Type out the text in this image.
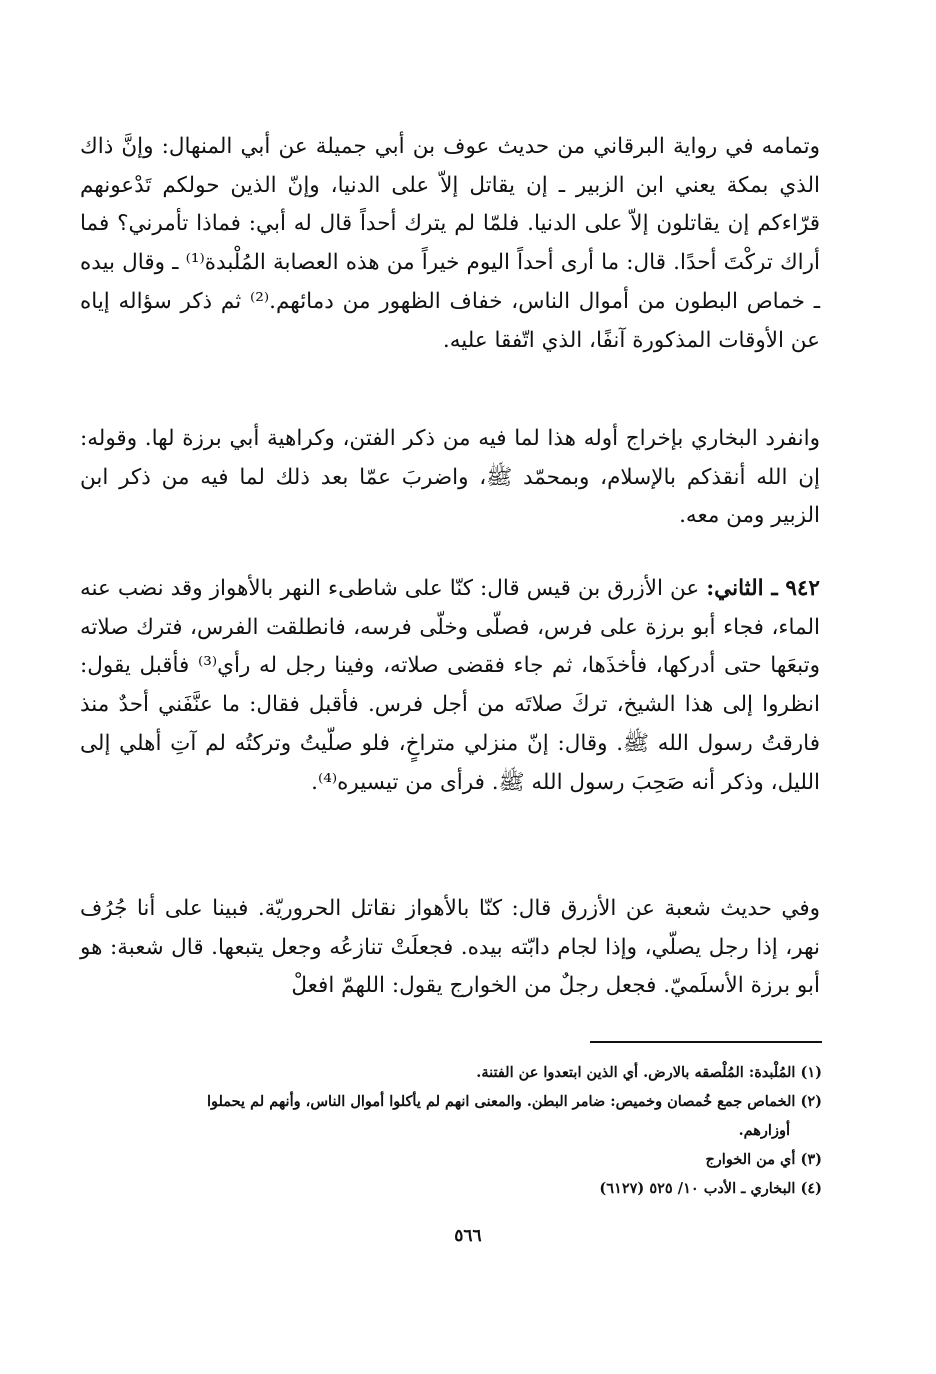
وتمامه في رواية البرقاني من حديث عوف بن أبي جميلة عن أبي المنهال: وإنَّ ذاك الذي بمكة يعني ابن الزبير ـ إن يقاتل إلاّ على الدنيا، وإنّ الذين حولكم تَدْعونهم قرّاءكم إن يقاتلون إلاّ على الدنيا. فلمّا لم يترك أحداً قال له أبي: فماذا تأمرني؟ فما أراك تركْتَ أحدًا. قال: ما أرى أحداً اليوم خيراً من هذه العصابة المُلْبدة⁽¹⁾ ـ وقال بيده ـ خماص البطون من أموال الناس، خفاف الظهور من دمائهم.⁽²⁾ ثم ذكر سؤاله إياه عن الأوقات المذكورة آنفًا، الذي اتّفقا عليه.

وانفرد البخاري بإخراج أوله هذا لما فيه من ذكر الفتن، وكراهية أبي برزة لها. وقوله: إن الله أنقذكم بالإسلام، وبمحمّد ﷺ، واضربَ عمّا بعد ذلك لما فيه من ذكر ابن الزبير ومن معه.

٩٤٢ ـ الثاني: عن الأزرق بن قيس قال: كنّا على شاطىء النهر بالأهواز وقد نضب عنه الماء، فجاء أبو برزة على فرس، فصلّى وخلّى فرسه، فانطلقت الفرس، فترك صلاته وتبعَها حتى أدركها، فأخذَها، ثم جاء فقضى صلاته، وفينا رجل له رأي⁽³⁾ فأقبل يقول: انظروا إلى هذا الشيخ، تركَ صلاتَه من أجل فرس. فأقبل فقال: ما عنَّفَني أحدٌ منذ فارقتُ رسول الله ﷺ. وقال: إنّ منزلي متراخٍ، فلو صلّيتُ وتركتُه لم آتِ أهلي إلى الليل، وذكر أنه صَحِبَ رسول الله ﷺ. فرأى من تيسيره⁽⁴⁾.

وفي حديث شعبة عن الأزرق قال: كنّا بالأهواز نقاتل الحروريّة. فبينا على أنا جُرُف نهر، إذا رجل يصلّي، وإذا لجام دابّته بيده. فجعلَتْ تنازعُه وجعل يتبعها. قال شعبة: هو أبو برزة الأسلَميّ. فجعل رجلٌ من الخوارج يقول: اللهمّ افعلْ

(١) المُلْبدة: المُلْصقه بالارض. أي الذين ابتعدوا عن الفتنة.

(٢) الخماص جمع خُمصان وخميص: ضامر البطن. والمعنى انهم لم يأكلوا أموال الناس، وأنهم لم يحملوا

أوزارهم.

(٣) أي من الخوارج

(٤) البخاري ـ الأدب ١٠/ ٥٢٥ (٦١٢٧)

٥٦٦
